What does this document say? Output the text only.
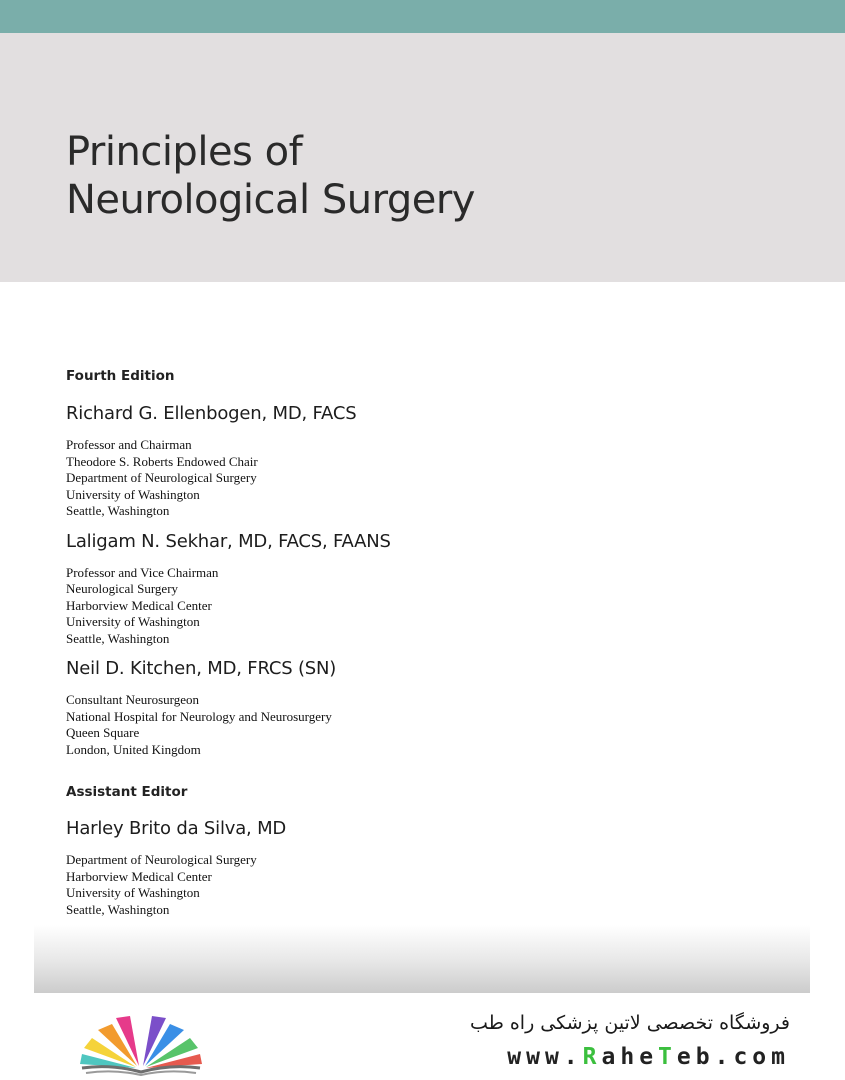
Principles of
Neurological Surgery
Fourth Edition
Richard G. Ellenbogen, MD, FACS
Professor and Chairman
Theodore S. Roberts Endowed Chair
Department of Neurological Surgery
University of Washington
Seattle, Washington
Laligam N. Sekhar, MD, FACS, FAANS
Professor and Vice Chairman
Neurological Surgery
Harborview Medical Center
University of Washington
Seattle, Washington
Neil D. Kitchen, MD, FRCS (SN)
Consultant Neurosurgeon
National Hospital for Neurology and Neurosurgery
Queen Square
London, United Kingdom
Assistant Editor
Harley Brito da Silva, MD
Department of Neurological Surgery
Harborview Medical Center
University of Washington
Seattle, Washington
فروشگاه تخصصی لاتین پزشکی راه طب
www.RaheTeb.com
